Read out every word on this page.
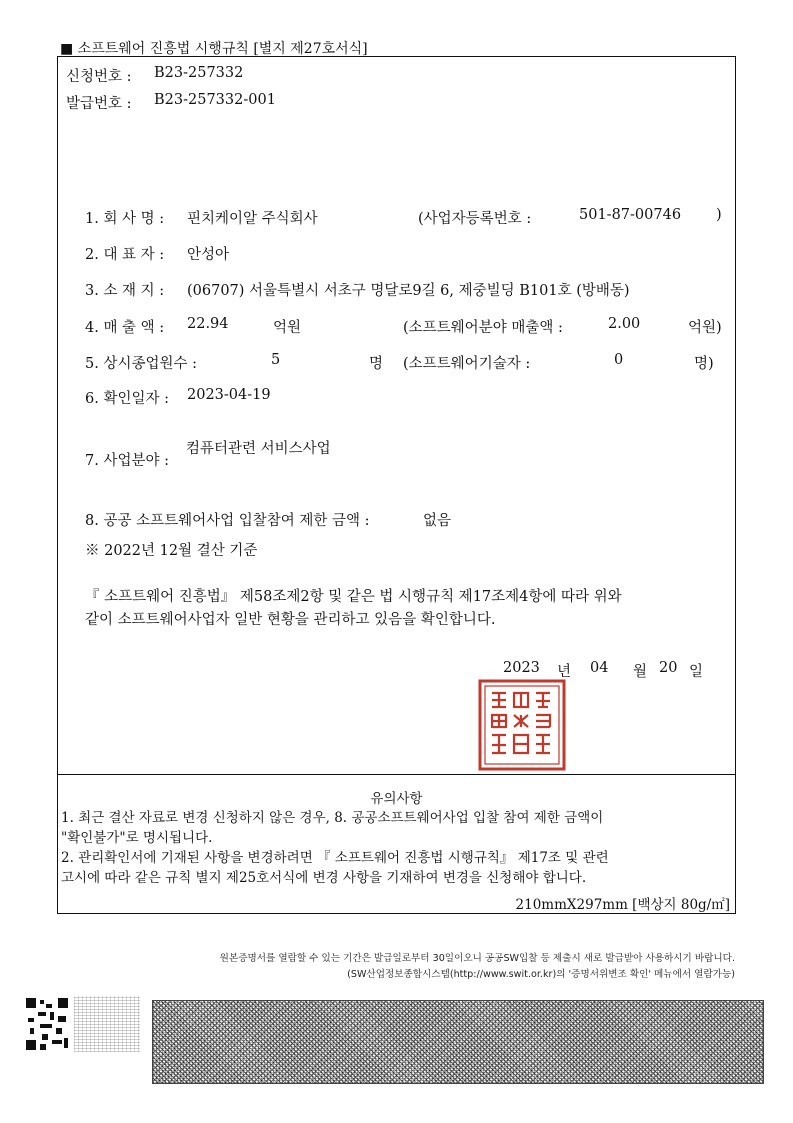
■ 소프트웨어 진흥법 시행규칙 [별지 제27호서식]
신청번호 : B23-257332
발급번호 : B23-257332-001
1. 회 사 명 : 핀치케이알 주식회사	(사업자등록번호 :	501-87-00746 )
2. 대 표 자 : 안성아
3. 소 재 지 : (06707) 서울특별시 서초구 명달로9길 6, 제중빌딩 B101호 (방배동)
4. 매 출 액 : 22.94	억원	(소프트웨어분야 매출액 :	2.00	억원)
5. 상시종업원수 :	5	명 (소프트웨어기술자 :	0	명)
6. 확인일자 : 2023-04-19
7. 사업분야 :
컴퓨터관련 서비스사업
8. 공공 소프트웨어사업 입찰참여 제한 금액 :	없음
※ 2022년 12월 결산 기준
『 소프트웨어 진흥법』 제58조제2항 및 같은 법 시행규칙 제17조제4항에 따라 위와
같이 소프트웨어사업자 일반 현황을 관리하고 있음을 확인합니다.
2023 년 04 월 20 일
유의사항
1. 최근 결산 자료로 변경 신청하지 않은 경우, 8. 공공소프트웨어사업 입찰 참여 제한 금액이
"확인불가"로 명시됩니다.
2. 관리확인서에 기재된 사항을 변경하려면 『 소프트웨어 진흥법 시행규칙』 제17조 및 관련
고시에 따라 같은 규칙 별지 제25호서식에 변경 사항을 기재하여 변경을 신청해야 합니다.
210mmX297mm [백상지 80g/㎡]
원본증명서를 열람할 수 있는 기간은 발급일로부터 30일이오니 공공SW입찰 등 제출시 새로 발급받아 사용하시기 바랍니다.
(SW산업정보종합시스템(http://www.swit.or.kr)의 '증명서위변조 확인' 메뉴에서 열람가능)
